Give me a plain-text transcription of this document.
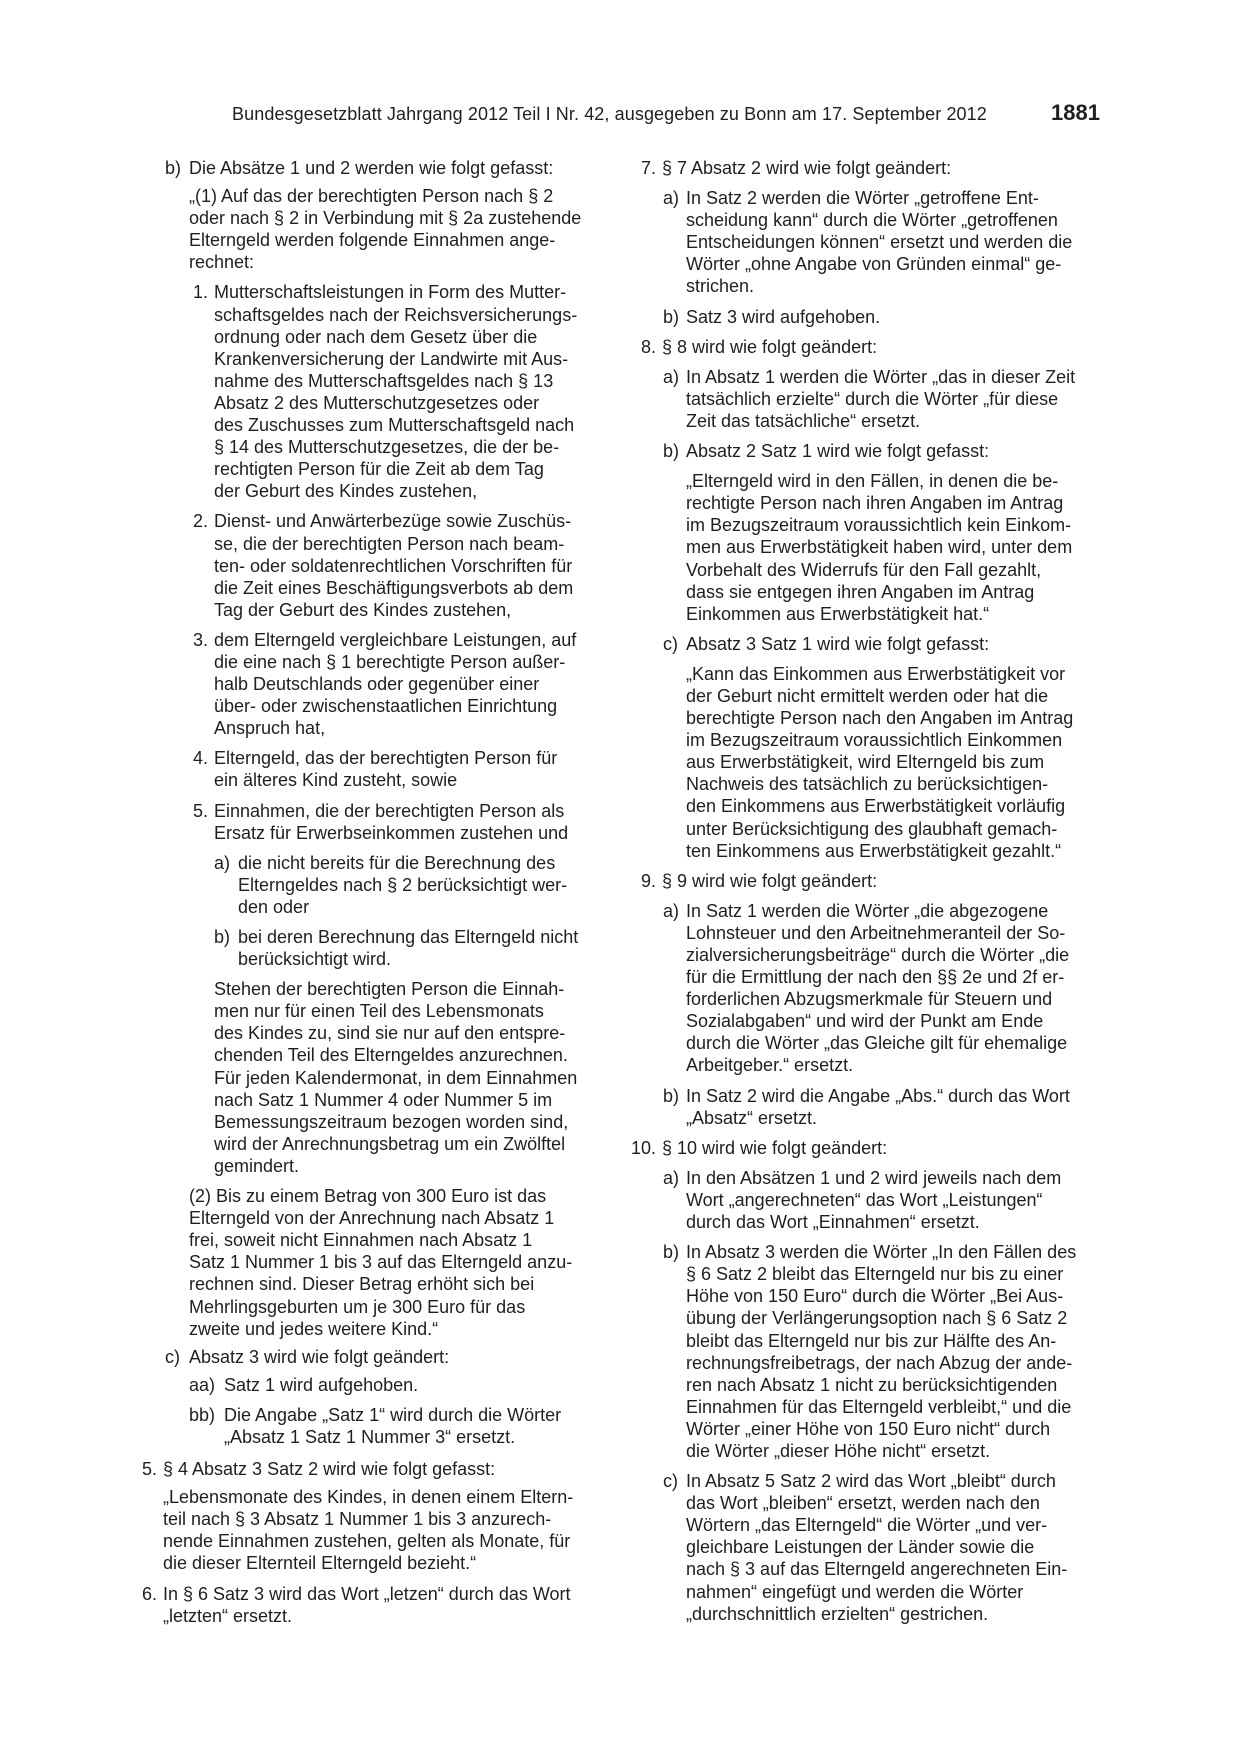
Bundesgesetzblatt Jahrgang 2012 Teil I Nr. 42, ausgegeben zu Bonn am 17. September 2012	1881
b) Die Absätze 1 und 2 werden wie folgt gefasst:
„(1) Auf das der berechtigten Person nach § 2
oder nach § 2 in Verbindung mit § 2a zustehende
Elterngeld werden folgende Einnahmen ange-
rechnet:
1. Mutterschaftsleistungen in Form des Mutter-
schaftsgeldes nach der Reichsversicherungs-
ordnung oder nach dem Gesetz über die
Krankenversicherung der Landwirte mit Aus-
nahme des Mutterschaftsgeldes nach § 13
Absatz 2 des Mutterschutzgesetzes oder
des Zuschusses zum Mutterschaftsgeld nach
§ 14 des Mutterschutzgesetzes, die der be-
rechtigten Person für die Zeit ab dem Tag
der Geburt des Kindes zustehen,
2. Dienst- und Anwärterbezüge sowie Zuschüs-
se, die der berechtigten Person nach beam-
ten- oder soldatenrechtlichen Vorschriften für
die Zeit eines Beschäftigungsverbots ab dem
Tag der Geburt des Kindes zustehen,
3. dem Elterngeld vergleichbare Leistungen, auf
die eine nach § 1 berechtigte Person außer-
halb Deutschlands oder gegenüber einer
über- oder zwischenstaatlichen Einrichtung
Anspruch hat,
4. Elterngeld, das der berechtigten Person für
ein älteres Kind zusteht, sowie
5. Einnahmen, die der berechtigten Person als
Ersatz für Erwerbseinkommen zustehen und
a) die nicht bereits für die Berechnung des
Elterngeldes nach § 2 berücksichtigt wer-
den oder
b) bei deren Berechnung das Elterngeld nicht
berücksichtigt wird.
Stehen der berechtigten Person die Einnah-
men nur für einen Teil des Lebensmonats
des Kindes zu, sind sie nur auf den entspre-
chenden Teil des Elterngeldes anzurechnen.
Für jeden Kalendermonat, in dem Einnahmen
nach Satz 1 Nummer 4 oder Nummer 5 im
Bemessungszeitraum bezogen worden sind,
wird der Anrechnungsbetrag um ein Zwölftel
gemindert.
(2) Bis zu einem Betrag von 300 Euro ist das
Elterngeld von der Anrechnung nach Absatz 1
frei, soweit nicht Einnahmen nach Absatz 1
Satz 1 Nummer 1 bis 3 auf das Elterngeld anzu-
rechnen sind. Dieser Betrag erhöht sich bei
Mehrlingsgeburten um je 300 Euro für das
zweite und jedes weitere Kind.“
c) Absatz 3 wird wie folgt geändert:
aa) Satz 1 wird aufgehoben.
bb) Die Angabe „Satz 1“ wird durch die Wörter
„Absatz 1 Satz 1 Nummer 3“ ersetzt.
5. § 4 Absatz 3 Satz 2 wird wie folgt gefasst:
„Lebensmonate des Kindes, in denen einem Eltern-
teil nach § 3 Absatz 1 Nummer 1 bis 3 anzurech-
nende Einnahmen zustehen, gelten als Monate, für
die dieser Elternteil Elterngeld bezieht.“
6. In § 6 Satz 3 wird das Wort „letzen“ durch das Wort
„letzten“ ersetzt.
7. § 7 Absatz 2 wird wie folgt geändert:
a) In Satz 2 werden die Wörter „getroffene Ent-
scheidung kann“ durch die Wörter „getroffenen
Entscheidungen können“ ersetzt und werden die
Wörter „ohne Angabe von Gründen einmal“ ge-
strichen.
b) Satz 3 wird aufgehoben.
8. § 8 wird wie folgt geändert:
a) In Absatz 1 werden die Wörter „das in dieser Zeit
tatsächlich erzielte“ durch die Wörter „für diese
Zeit das tatsächliche“ ersetzt.
b) Absatz 2 Satz 1 wird wie folgt gefasst:
„Elterngeld wird in den Fällen, in denen die be-
rechtigte Person nach ihren Angaben im Antrag
im Bezugszeitraum voraussichtlich kein Einkom-
men aus Erwerbstätigkeit haben wird, unter dem
Vorbehalt des Widerrufs für den Fall gezahlt,
dass sie entgegen ihren Angaben im Antrag
Einkommen aus Erwerbstätigkeit hat.“
c) Absatz 3 Satz 1 wird wie folgt gefasst:
„Kann das Einkommen aus Erwerbstätigkeit vor
der Geburt nicht ermittelt werden oder hat die
berechtigte Person nach den Angaben im Antrag
im Bezugszeitraum voraussichtlich Einkommen
aus Erwerbstätigkeit, wird Elterngeld bis zum
Nachweis des tatsächlich zu berücksichtigen-
den Einkommens aus Erwerbstätigkeit vorläufig
unter Berücksichtigung des glaubhaft gemach-
ten Einkommens aus Erwerbstätigkeit gezahlt.“
9. § 9 wird wie folgt geändert:
a) In Satz 1 werden die Wörter „die abgezogene
Lohnsteuer und den Arbeitnehmeranteil der So-
zialversicherungsbeiträge“ durch die Wörter „die
für die Ermittlung der nach den §§ 2e und 2f er-
forderlichen Abzugsmerkmale für Steuern und
Sozialabgaben“ und wird der Punkt am Ende
durch die Wörter „das Gleiche gilt für ehemalige
Arbeitgeber.“ ersetzt.
b) In Satz 2 wird die Angabe „Abs.“ durch das Wort
„Absatz“ ersetzt.
10. § 10 wird wie folgt geändert:
a) In den Absätzen 1 und 2 wird jeweils nach dem
Wort „angerechneten“ das Wort „Leistungen“
durch das Wort „Einnahmen“ ersetzt.
b) In Absatz 3 werden die Wörter „In den Fällen des
§ 6 Satz 2 bleibt das Elterngeld nur bis zu einer
Höhe von 150 Euro“ durch die Wörter „Bei Aus-
übung der Verlängerungsoption nach § 6 Satz 2
bleibt das Elterngeld nur bis zur Hälfte des An-
rechnungsfreibetrags, der nach Abzug der ande-
ren nach Absatz 1 nicht zu berücksichtigenden
Einnahmen für das Elterngeld verbleibt,“ und die
Wörter „einer Höhe von 150 Euro nicht“ durch
die Wörter „dieser Höhe nicht“ ersetzt.
c) In Absatz 5 Satz 2 wird das Wort „bleibt“ durch
das Wort „bleiben“ ersetzt, werden nach den
Wörtern „das Elterngeld“ die Wörter „und ver-
gleichbare Leistungen der Länder sowie die
nach § 3 auf das Elterngeld angerechneten Ein-
nahmen“ eingefügt und werden die Wörter
„durchschnittlich erzielten“ gestrichen.
